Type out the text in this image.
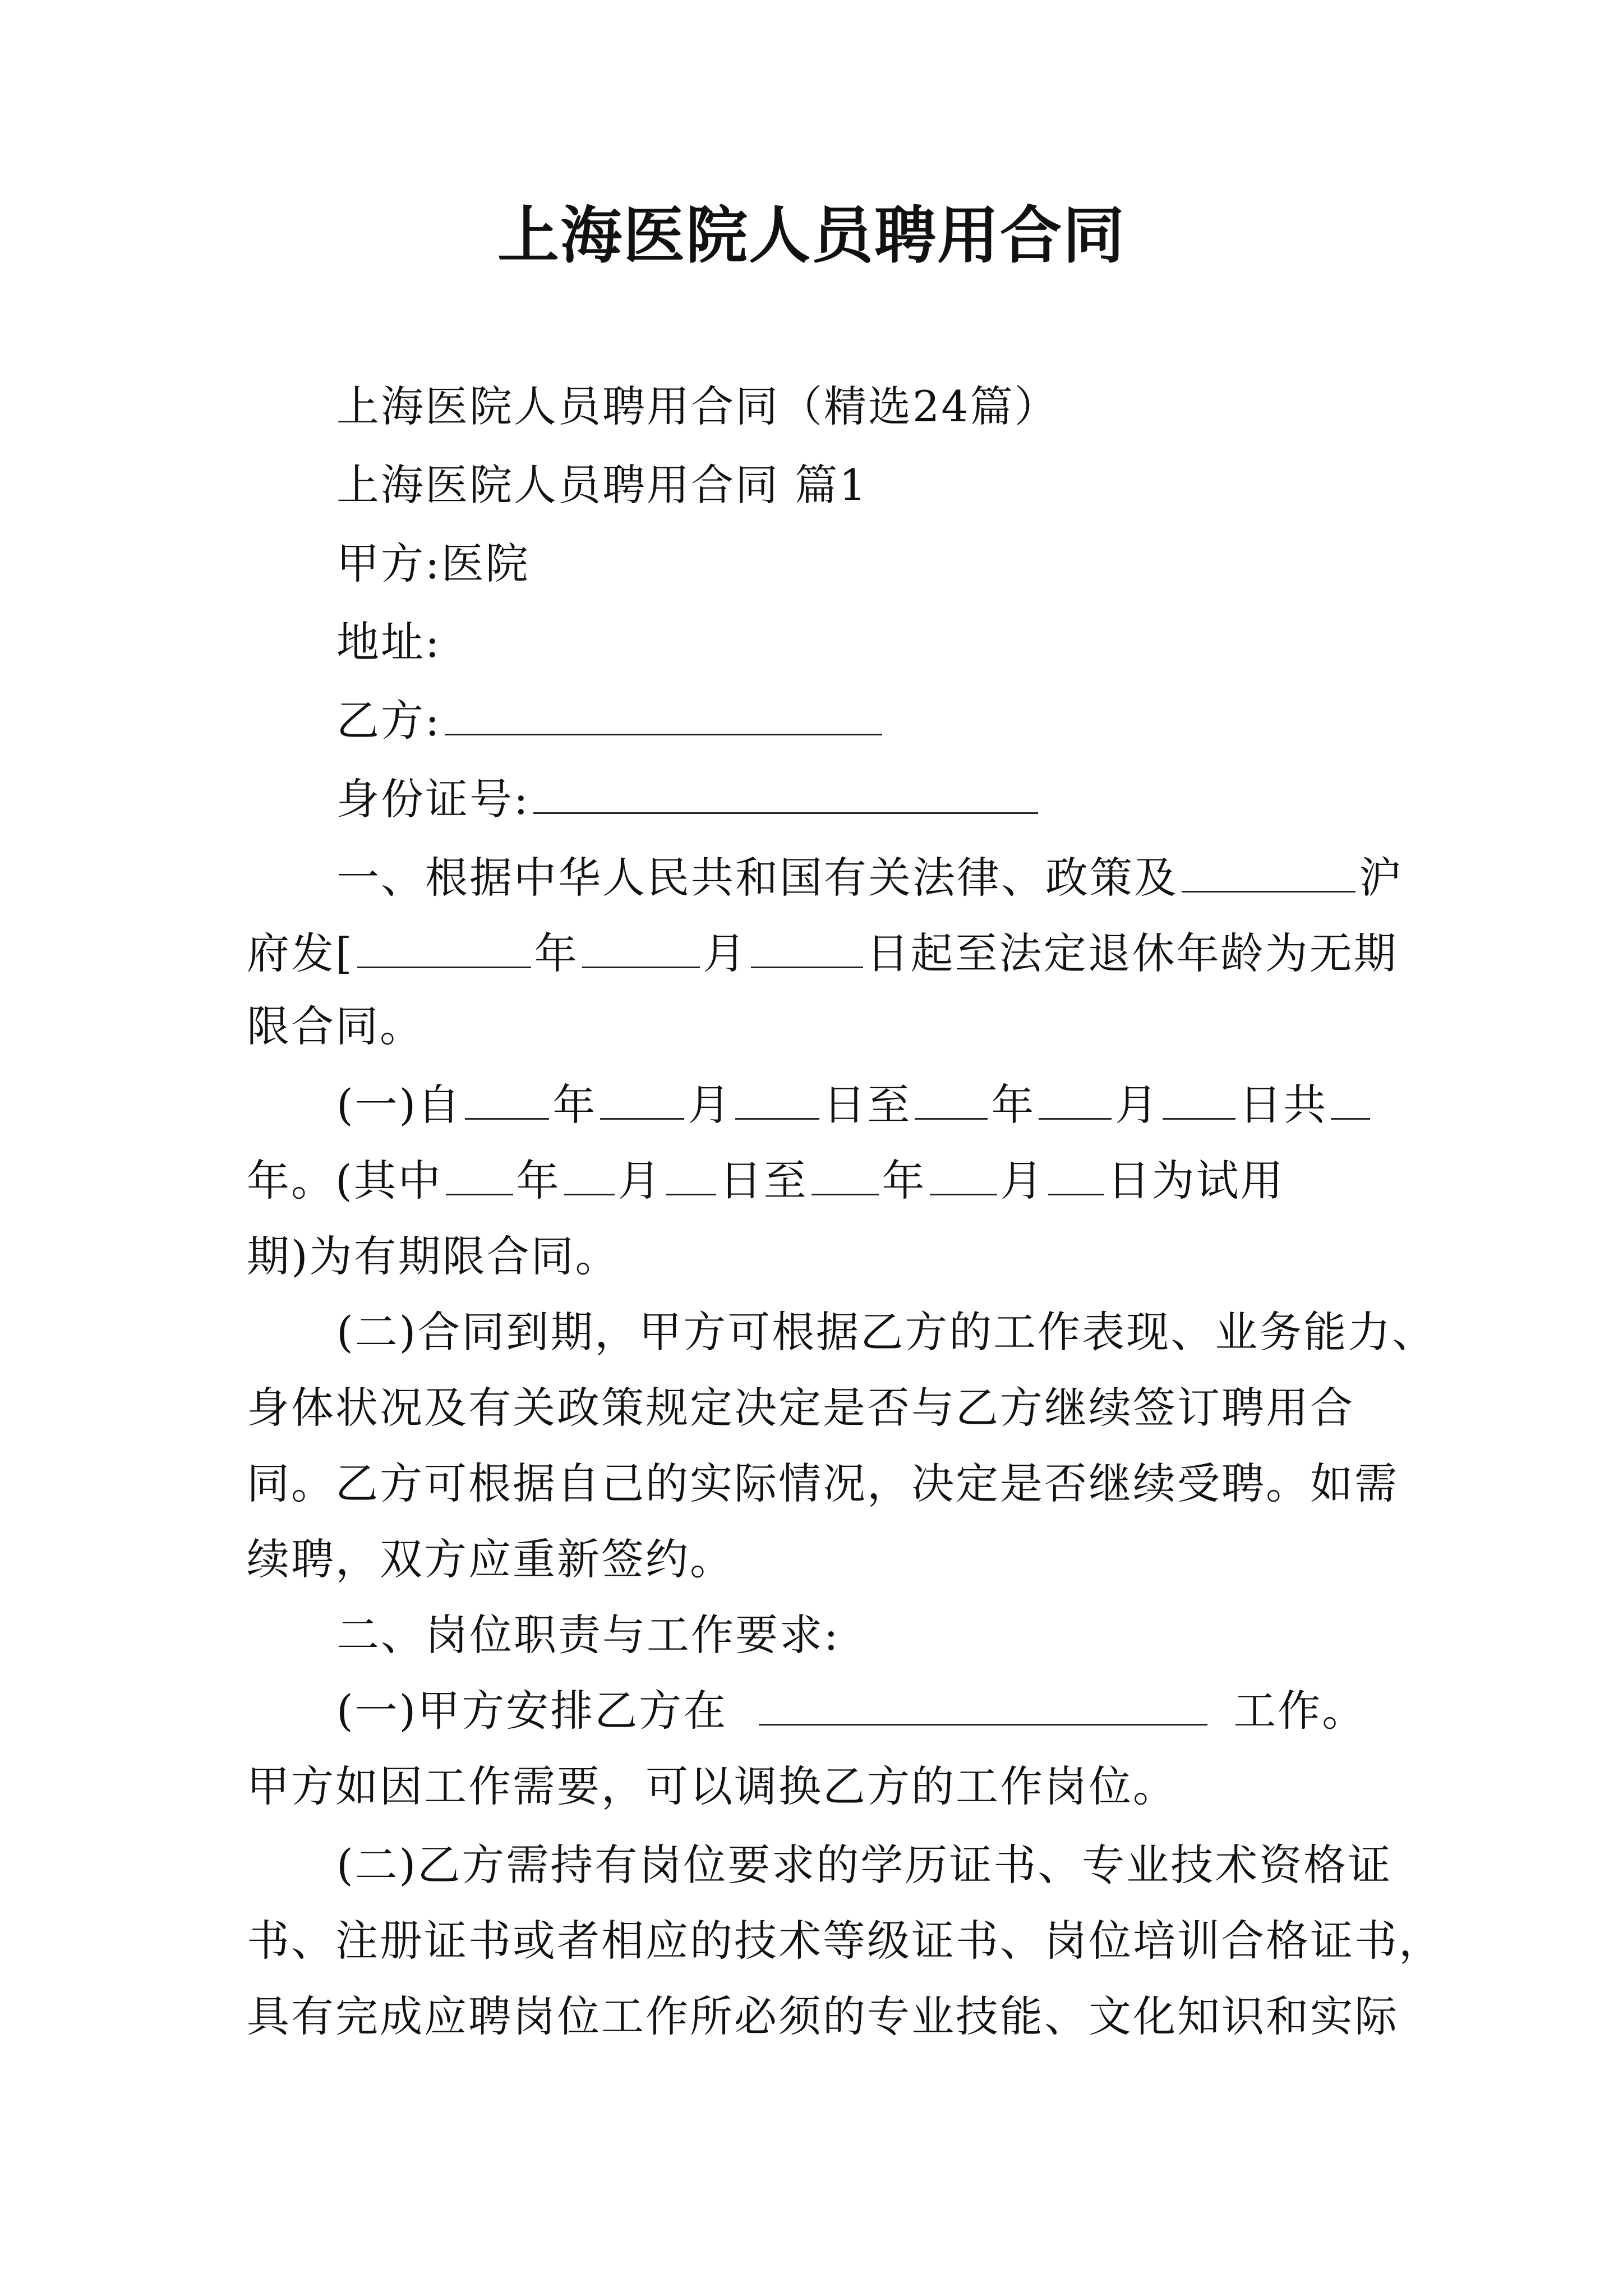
上海医院人员聘用合同
上海医院人员聘用合同（精选24篇）
上海医院人员聘用合同 篇1
甲方:医院
地址:
乙方:
身份证号:
一、根据中华人民共和国有关法律、政策及	沪
府发[	年	月	日起至法定退休年龄为无期
限合同。
(一)自 年 月 日至 年 月 日共
年。(其中 年 月 日至 年 月 日为试用
期)为有期限合同。
(二)合同到期，甲方可根据乙方的工作表现、业务能力、
身体状况及有关政策规定决定是否与乙方继续签订聘用合
同。乙方可根据自己的实际情况，决定是否继续受聘。如需
续聘，双方应重新签约。
二、岗位职责与工作要求:
(一)甲方安排乙方在	工作。
甲方如因工作需要，可以调换乙方的工作岗位。
(二)乙方需持有岗位要求的学历证书、专业技术资格证
书、注册证书或者相应的技术等级证书、岗位培训合格证书，
具有完成应聘岗位工作所必须的专业技能、文化知识和实际
